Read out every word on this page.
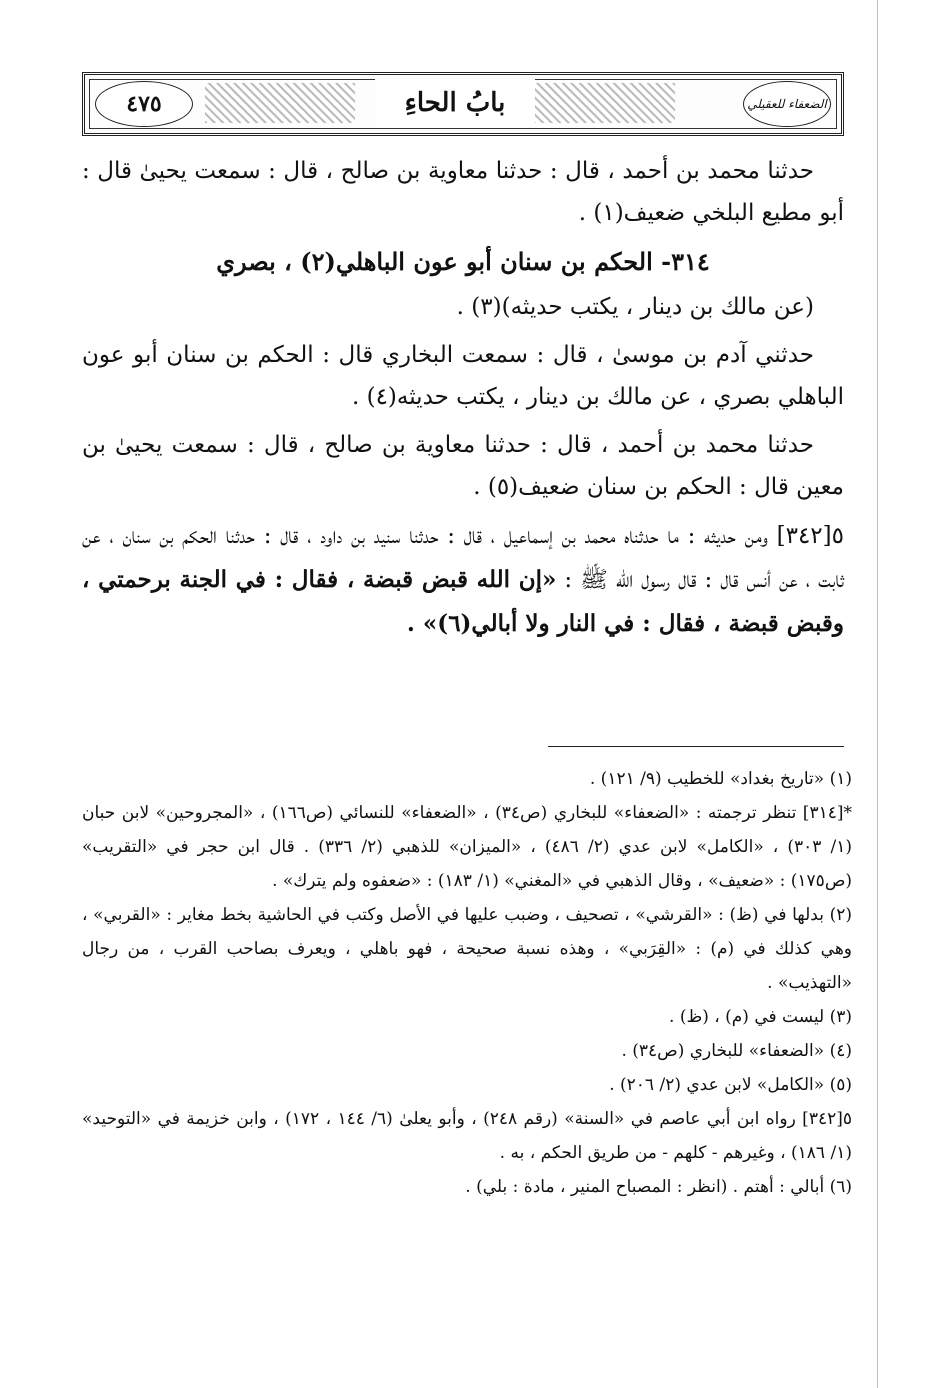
٤٧٥	بابُ الحاءِ	الضعفاء للعقيلي

حدثنا محمد بن أحمد ، قال : حدثنا معاوية بن صالح ، قال : سمعت يحيىٰ قال : أبو مطيع البلخي ضعيف(١) .

٣١٤- الحكم بن سنان أبو عون الباهلي(٢) ، بصري

(عن مالك بن دينار ، يكتب حديثه)(٣) .

حدثني آدم بن موسىٰ ، قال : سمعت البخاري قال : الحكم بن سنان أبو عون الباهلي بصري ، عن مالك بن دينار ، يكتب حديثه(٤) .

حدثنا محمد بن أحمد ، قال : حدثنا معاوية بن صالح ، قال : سمعت يحيىٰ بن معين قال : الحكم بن سنان ضعيف(٥) .

٥[٣٤٢] ومن حديثه : ما حدثناه محمد بن إسماعيل ، قال : حدثنا سنيد بن داود ، قال : حدثنا الحكم بن سنان ، عن ثابت ، عن أنس قال : قال رسول الله ﷺ : «إن الله قبض قبضة ، فقال : في الجنة برحمتي ، وقبض قبضة ، فقال : في النار ولا أبالي(٦)» .

(١) «تاريخ بغداد» للخطيب (٩/ ١٢١) .

*[٣١٤] تنظر ترجمته : «الضعفاء» للبخاري (ص٣٤) ، «الضعفاء» للنسائي (ص١٦٦) ، «المجروحين» لابن حبان (١/ ٣٠٣) ، «الكامل» لابن عدي (٢/ ٤٨٦) ، «الميزان» للذهبي (٢/ ٣٣٦) . قال ابن حجر في «التقريب» (ص١٧٥) : «ضعيف» ، وقال الذهبي في «المغني» (١/ ١٨٣) : «ضعفوه ولم يترك» .

(٢) بدلها في (ظ) : «القرشي» ، تصحيف ، وضبب عليها في الأصل وكتب في الحاشية بخط مغاير : «القربي» ، وهي كذلك في (م) : «القِرَبي» ، وهذه نسبة صحيحة ، فهو باهلي ، ويعرف بصاحب القرب ، من رجال «التهذيب» .

(٣) ليست في (م) ، (ظ) .

(٤) «الضعفاء» للبخاري (ص٣٤) .

(٥) «الكامل» لابن عدي (٢/ ٢٠٦) .

٥[٣٤٢] رواه ابن أبي عاصم في «السنة» (رقم ٢٤٨) ، وأبو يعلىٰ (٦/ ١٤٤ ، ١٧٢) ، وابن خزيمة في «التوحيد» (١/ ١٨٦) ، وغيرهم - كلهم - من طريق الحكم ، به .

(٦) أبالي : أهتم . (انظر : المصباح المنير ، مادة : بلي) .
